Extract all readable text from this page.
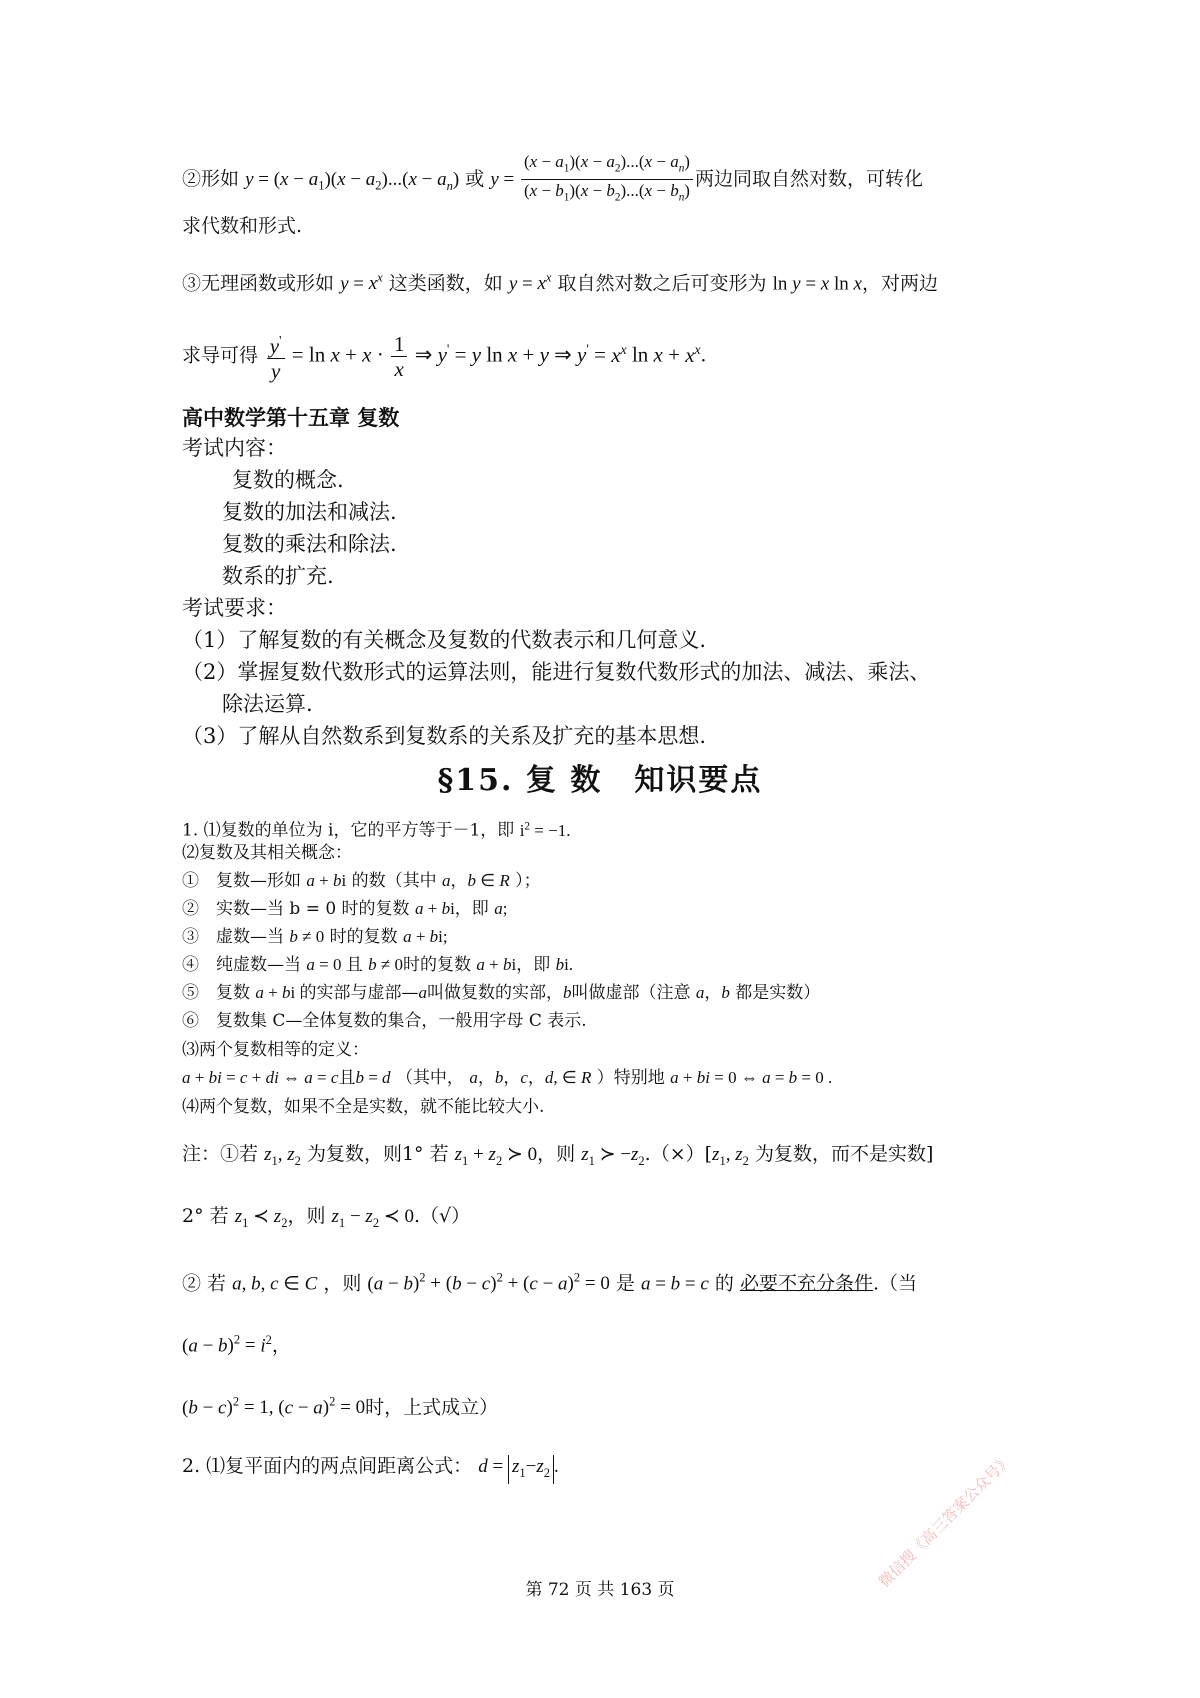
②形如 $y = (x - a_1)(x - a_2)...(x - a_n)$ 或 $y = \frac{(x - a_1)(x - a_2)...(x - a_n)}{(x - b_1)(x - b_2)...(x - b_n)}$ 两边同取自然对数，可转化
求代数和形式.
③无理函数或形如 $y = x^x$ 这类函数，如 $y = x^x$ 取自然对数之后可变形为 ln y = x ln x，对两边
求导可得 $\frac{y'}{y} = \ln x + x \cdot \frac{1}{x}$ ⇒ y' = y ln x + y ⇒ $y' = x^x$ $\ln x + x^x$.
高中数学第十五章 复数
考试内容：
复数的概念.
复数的加法和减法.
复数的乘法和除法.
数系的扩充.
考试要求：
（1）了解复数的有关概念及复数的代数表示和几何意义.
（2）掌握复数代数形式的运算法则，能进行复数代数形式的加法、减法、乘法、
除法运算.
（3）了解从自然数系到复数系的关系及扩充的基本思想.
§15. 复 数　知识要点
1. ⑴复数的单位为 i，它的平方等于－1，即 $i^2 = -1$.
⑵复数及其相关概念：
①　复数—形如 a + bi 的数（其中 a，b ∈ R ）；
②　实数—当 b = 0 时的复数 a + bi，即 a;
③　虚数—当 b ≠ 0 时的复数 a + bi;
④　纯虚数—当 a = 0 且 b ≠ 0时的复数 a + bi，即 bi.
⑤　复数 a + bi 的实部与虚部—a叫做复数的实部，b叫做虚部（注意 a，b 都是实数）
⑥　复数集 C—全体复数的集合，一般用字母 C 表示.
⑶两个复数相等的定义：
a + bi = c + di ⇔ a = c且b = d （其中， a，b，c，d, ∈ R ）特别地 a + bi = 0 ⇔ a = b = 0 .
⑷两个复数，如果不全是实数，就不能比较大小.
注：①若 $z_1$, $z_2$ 为复数，则1° 若 $z_1 + z_2$ ≻ 0，则 $z_1$ ≻ $-z_2.(\times)[z_1$, $z_2$ 为复数，而不是实数]
2° 若 $z_1$ ≺ $z_2$，则 $z_1 - z_2$ ≺ 0.（√）
② 若 a, b, c ∈ C ，则 $(a - b)^2 + (b - c)^2 + (c - a)^2 = 0$ 是 a = b = c 的 必要不充分条件.（当
$(a - b)^2 = i^2$，
$(b - c)^2 = 1$, $(c - a)^2 = 0$时，上式成立）
2. ⑴复平面内的两点间距离公式： $d = z_1-z_2$ .
第 72 页 共 163 页	微信搜《高三答案公众号》
